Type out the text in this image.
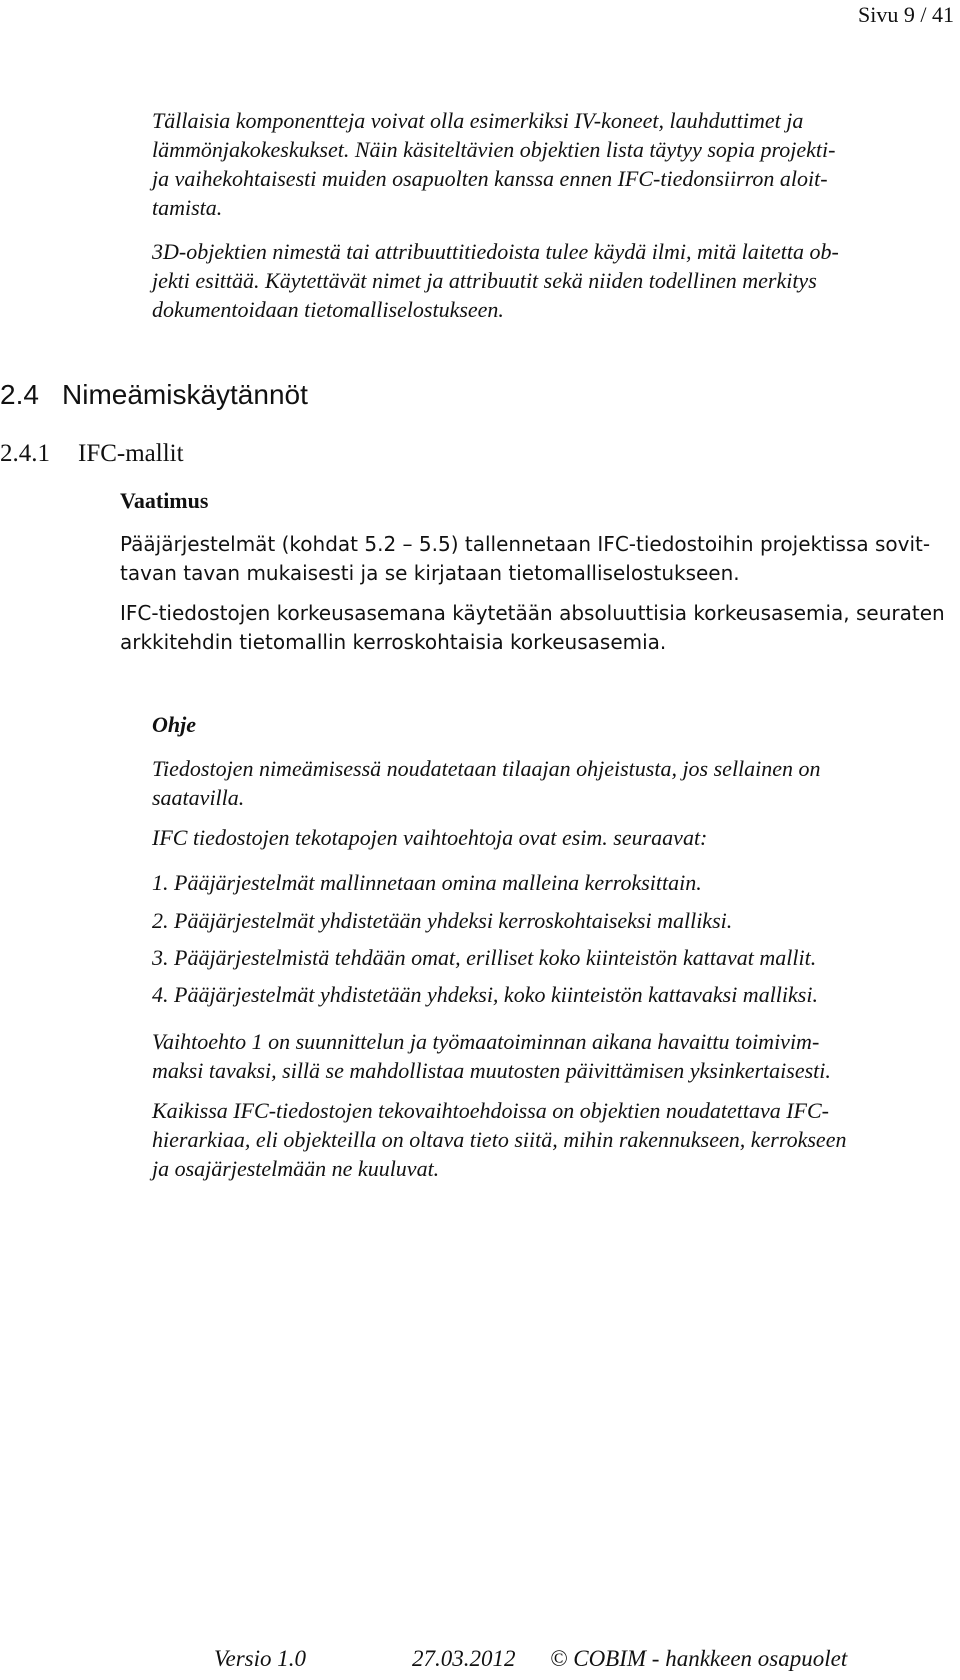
Sivu 9 / 41

Tällaisia komponentteja voivat olla esimerkiksi IV-koneet, lauhduttimet ja
lämmönjakokeskukset. Näin käsiteltävien objektien lista täytyy sopia projekti-
ja vaihekohtaisesti muiden osapuolten kanssa ennen IFC-tiedonsiirron aloit-
tamista.

3D-objektien nimestä tai attribuuttitiedoista tulee käydä ilmi, mitä laitetta ob-
jekti esittää. Käytettävät nimet ja attribuutit sekä niiden todellinen merkitys
dokumentoidaan tietomalliselostukseen.

2.4 Nimeämiskäytännöt
2.4.1 IFC-mallit
Vaatimus

Pääjärjestelmät (kohdat 5.2 – 5.5) tallennetaan IFC-tiedostoihin projektissa sovit-
tavan tavan mukaisesti ja se kirjataan tietomalliselostukseen.

IFC-tiedostojen korkeusasemana käytetään absoluuttisia korkeusasemia, seuraten
arkkitehdin tietomallin kerroskohtaisia korkeusasemia.

Ohje

Tiedostojen nimeämisessä noudatetaan tilaajan ohjeistusta, jos sellainen on
saatavilla.

IFC tiedostojen tekotapojen vaihtoehtoja ovat esim. seuraavat:

1. Pääjärjestelmät mallinnetaan omina malleina kerroksittain.

2. Pääjärjestelmät yhdistetään yhdeksi kerroskohtaiseksi malliksi.

3. Pääjärjestelmistä tehdään omat, erilliset koko kiinteistön kattavat mallit.

4. Pääjärjestelmät yhdistetään yhdeksi, koko kiinteistön kattavaksi malliksi.

Vaihtoehto 1 on suunnittelun ja työmaatoiminnan aikana havaittu toimivim-
maksi tavaksi, sillä se mahdollistaa muutosten päivittämisen yksinkertaisesti.

Kaikissa IFC-tiedostojen tekovaihtoehdoissa on objektien noudatettava IFC-
hierarkiaa, eli objekteilla on oltava tieto siitä, mihin rakennukseen, kerrokseen
ja osajärjestelmään ne kuuluvat.

Versio 1.0	27.03.2012 © COBIM - hankkeen osapuolet
